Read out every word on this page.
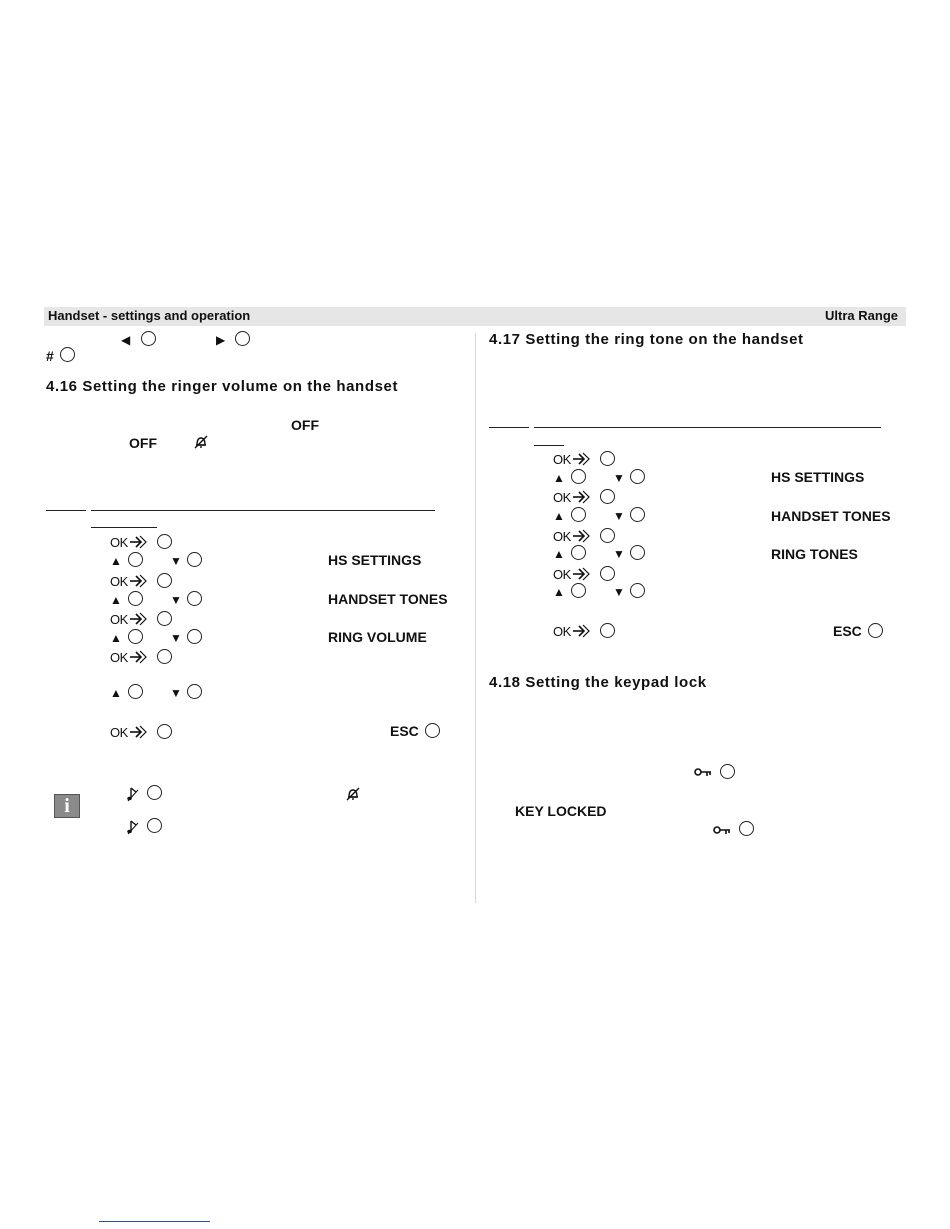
Handset - settings and operation	Ultra Range
◀	▶
#
4.16 Setting the ringer volume on the handset
OFF
OFF
OK
▲	▼	HS SETTINGS
OK
▲	▼	HANDSET TONES
OK
▲	▼	RING VOLUME
OK
▲	▼
OK	ESC
i
4.17 Setting the ring tone on the handset
OK
▲	▼	HS SETTINGS
OK
▲	▼	HANDSET TONES
OK
▲	▼	RING TONES
OK
▲	▼
OK	ESC
4.18 Setting the keypad lock
KEY LOCKED
